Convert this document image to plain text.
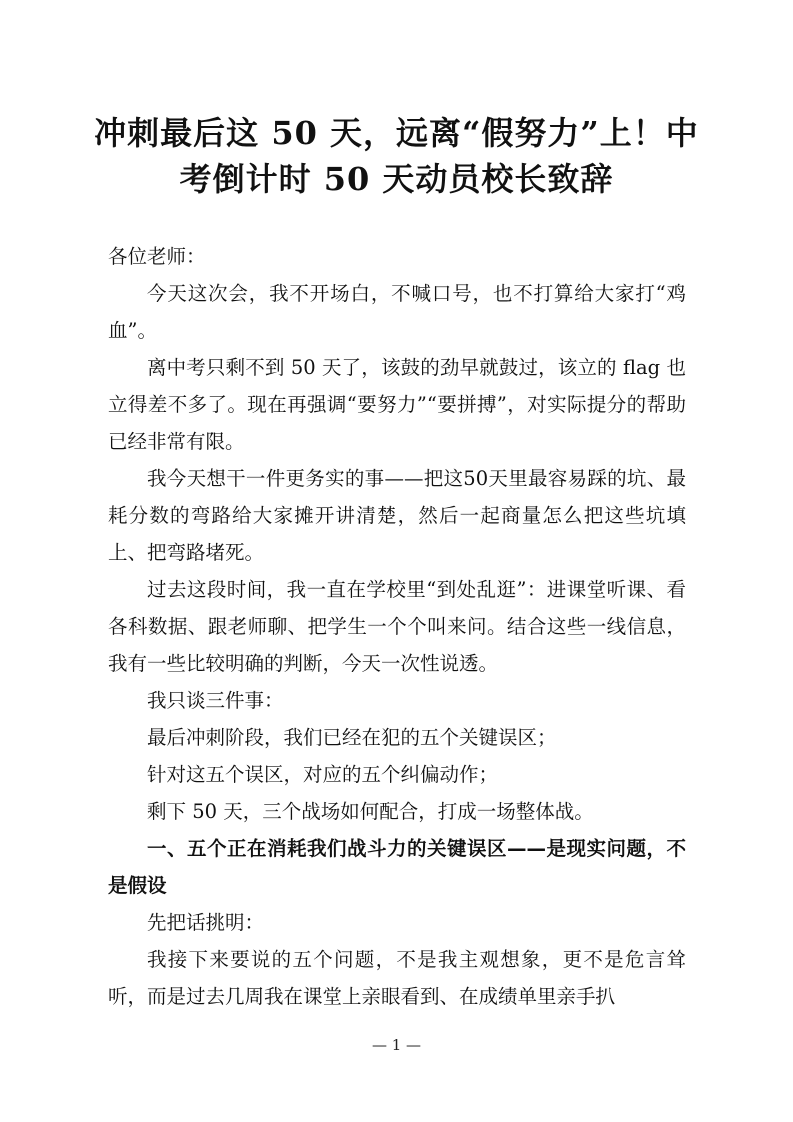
冲刺最后这 50 天，远离“假努力”上！中
考倒计时 50 天动员校长致辞

各位老师：

今天这次会，我不开场白，不喊口号，也不打算给大家打“鸡血”。

离中考只剩不到 50 天了，该鼓的劲早就鼓过，该立的 flag 也立得差不多了。现在再强调“要努力”“要拼搏”，对实际提分的帮助已经非常有限。

我今天想干一件更务实的事——把这50天里最容易踩的坑、最耗分数的弯路给大家摊开讲清楚，然后一起商量怎么把这些坑填上、把弯路堵死。

过去这段时间，我一直在学校里“到处乱逛”：进课堂听课、看各科数据、跟老师聊、把学生一个个叫来问。结合这些一线信息，我有一些比较明确的判断，今天一次性说透。

我只谈三件事：

最后冲刺阶段，我们已经在犯的五个关键误区；

针对这五个误区，对应的五个纠偏动作；

剩下 50 天，三个战场如何配合，打成一场整体战。

一、五个正在消耗我们战斗力的关键误区——是现实问题，不是假设

先把话挑明：

我接下来要说的五个问题，不是我主观想象，更不是危言耸听，而是过去几周我在课堂上亲眼看到、在成绩单里亲手扒

— 1 —
